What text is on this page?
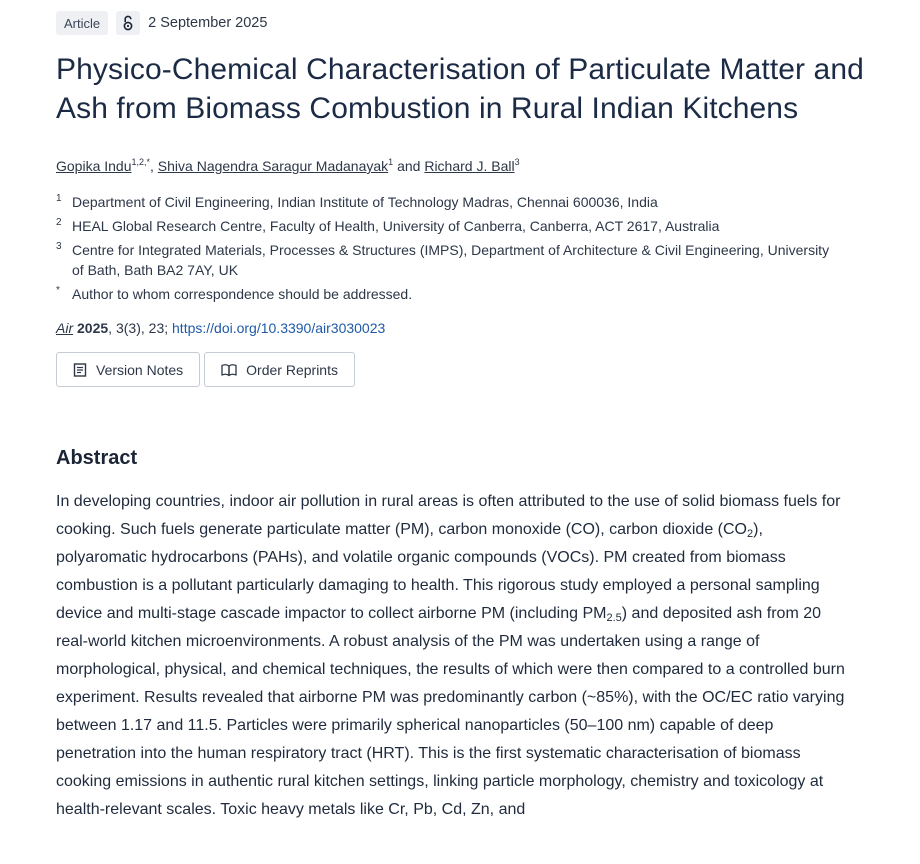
Article	2 September 2025
Physico-Chemical Characterisation of Particulate Matter and Ash from Biomass Combustion in Rural Indian Kitchens
Gopika Indu$^{1,2,*}$, Shiva Nagendra Saragur Madanayak$^1$ and Richard J. Ball$^3$
1 Department of Civil Engineering, Indian Institute of Technology Madras, Chennai 600036, India
2 HEAL Global Research Centre, Faculty of Health, University of Canberra, Canberra, ACT 2617, Australia
3 Centre for Integrated Materials, Processes & Structures (IMPS), Department of Architecture & Civil Engineering, University of Bath, Bath BA2 7AY, UK
* Author to whom correspondence should be addressed.
Air 2025, 3(3), 23; https://doi.org/10.3390/air3030023
Version Notes	Order Reprints
Abstract

In developing countries, indoor air pollution in rural areas is often attributed to the use of solid biomass fuels for cooking. Such fuels generate particulate matter (PM), carbon monoxide (CO), carbon dioxide $(CO_2)$, polyaromatic hydrocarbons (PAHs), and volatile organic compounds (VOCs). PM created from biomass combustion is a pollutant particularly damaging to health. This rigorous study employed a personal sampling device and multi-stage cascade impactor to collect airborne PM (including $PM_{2.5}$) and deposited ash from 20 real-world kitchen microenvironments. A robust analysis of the PM was undertaken using a range of morphological, physical, and chemical techniques, the results of which were then compared to a controlled burn experiment. Results revealed that airborne PM was predominantly carbon (~85%), with the OC/EC ratio varying between 1.17 and 11.5. Particles were primarily spherical nanoparticles (50–100 nm) capable of deep penetration into the human respiratory tract (HRT). This is the first systematic characterisation of biomass cooking emissions in authentic rural kitchen settings, linking particle morphology, chemistry and toxicology at health-relevant scales. Toxic heavy metals like Cr, Pb, Cd, Zn, and
